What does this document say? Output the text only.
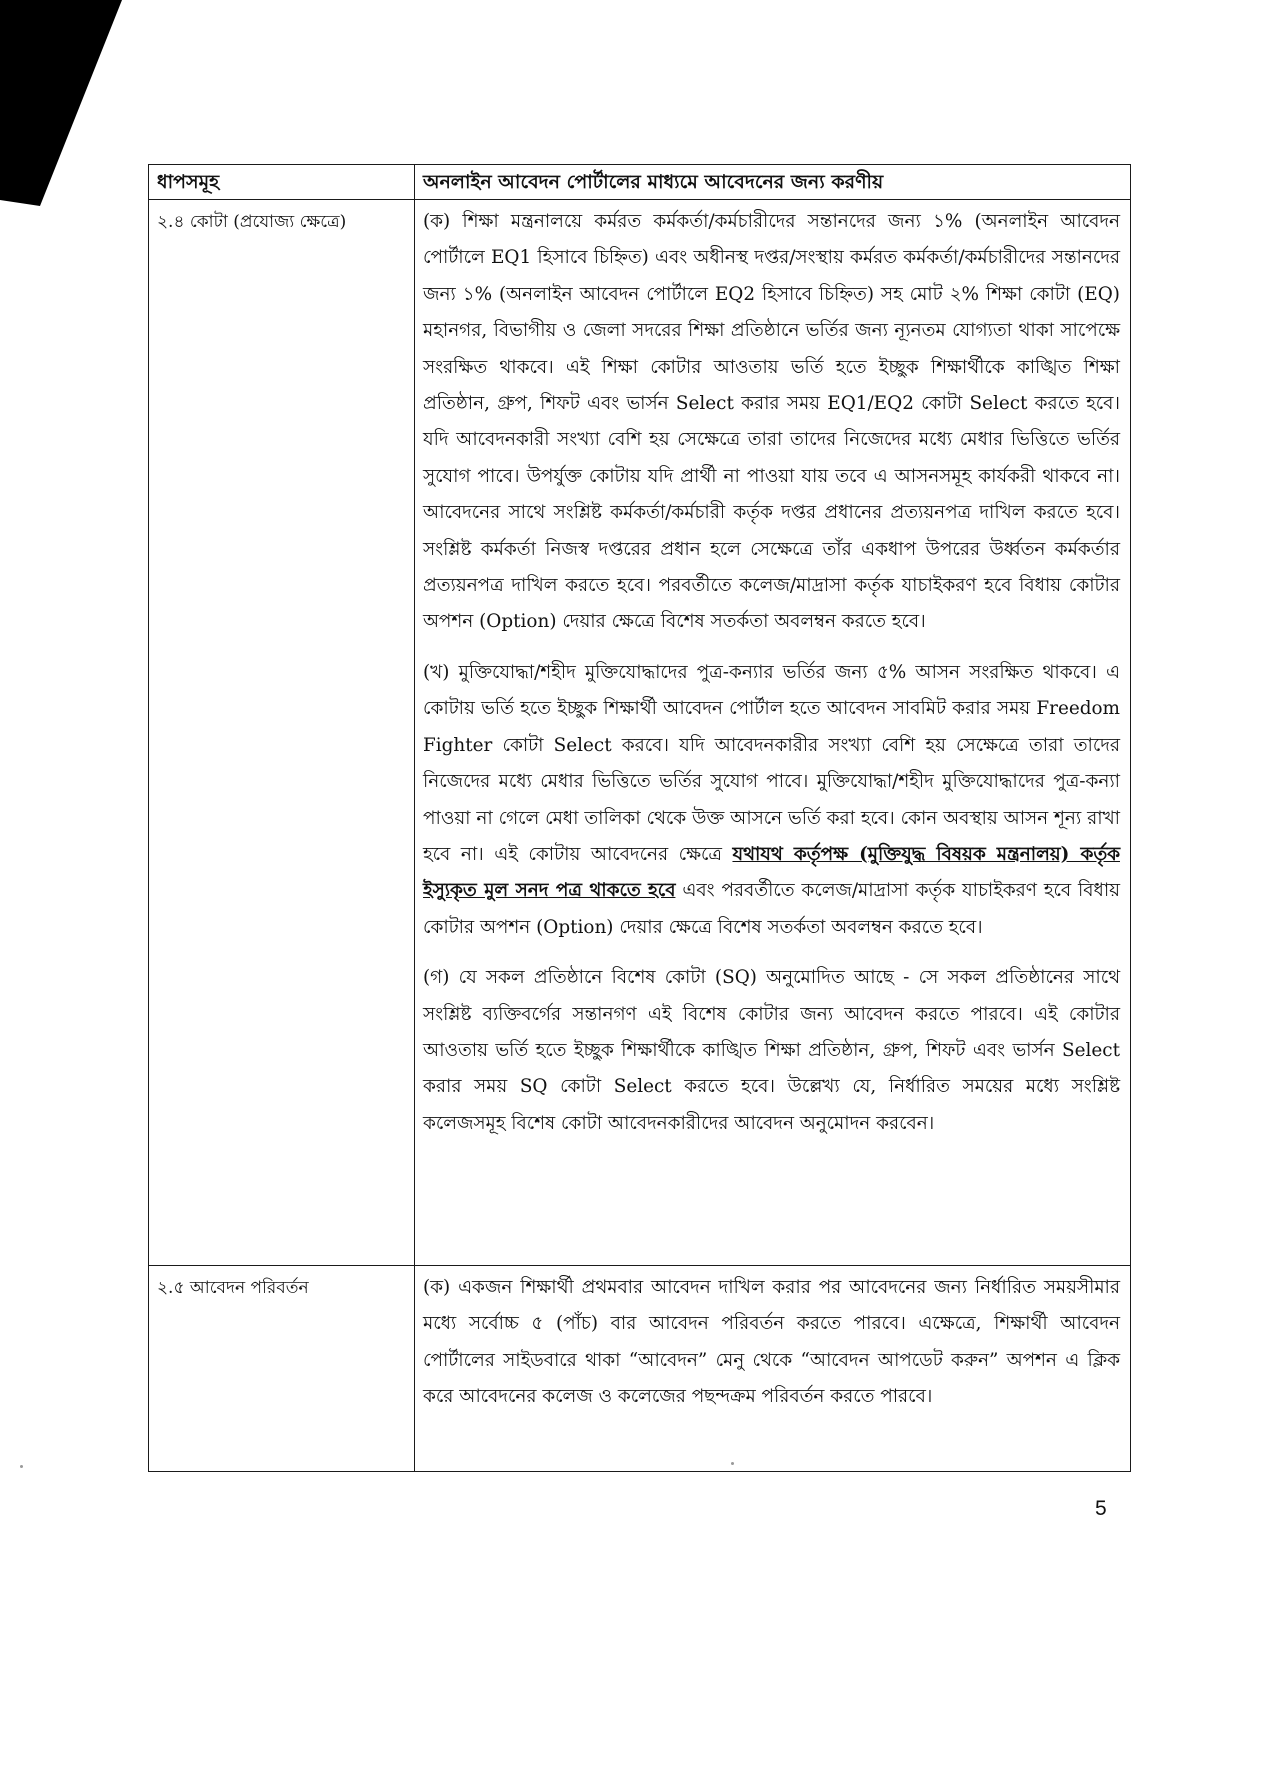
ধাপসমূহ	অনলাইন আবেদন পোর্টালের মাধ্যমে আবেদনের জন্য করণীয়
২.৪ কোটা (প্রযোজ্য ক্ষেত্রে)	(ক) শিক্ষা মন্ত্রনালয়ে কর্মরত কর্মকর্তা/কর্মচারীদের সন্তানদের জন্য ১% (অনলাইন আবেদন পোর্টালে EQ1 হিসাবে চিহ্নিত) এবং অধীনস্থ দপ্তর/সংস্থায় কর্মরত কর্মকর্তা/কর্মচারীদের সন্তানদের জন্য ১% (অনলাইন আবেদন পোর্টালে EQ2 হিসাবে চিহ্নিত) সহ মোট ২% শিক্ষা কোটা (EQ) মহানগর, বিভাগীয় ও জেলা সদরের শিক্ষা প্রতিষ্ঠানে ভর্তির জন্য ন্যূনতম যোগ্যতা থাকা সাপেক্ষে সংরক্ষিত থাকবে। এই শিক্ষা কোটার আওতায় ভর্তি হতে ইচ্ছুক শিক্ষার্থীকে কাঙ্খিত শিক্ষা প্রতিষ্ঠান, গ্রুপ, শিফট এবং ভার্সন Select করার সময় EQ1/EQ2 কোটা Select করতে হবে। যদি আবেদনকারী সংখ্যা বেশি হয় সেক্ষেত্রে তারা তাদের নিজেদের মধ্যে মেধার ভিত্তিতে ভর্তির সুযোগ পাবে। উপর্যুক্ত কোটায় যদি প্রার্থী না পাওয়া যায় তবে এ আসনসমূহ কার্যকরী থাকবে না। আবেদনের সাথে সংশ্লিষ্ট কর্মকর্তা/কর্মচারী কর্তৃক দপ্তর প্রধানের প্রত্যয়নপত্র দাখিল করতে হবে। সংশ্লিষ্ট কর্মকর্তা নিজস্ব দপ্তরের প্রধান হলে সেক্ষেত্রে তাঁর একধাপ উপরের উর্ধ্বতন কর্মকর্তার প্রত্যয়নপত্র দাখিল করতে হবে। পরবর্তীতে কলেজ/মাদ্রাসা কর্তৃক যাচাইকরণ হবে বিধায় কোটার অপশন (Option) দেয়ার ক্ষেত্রে বিশেষ সতর্কতা অবলম্বন করতে হবে।

(খ) মুক্তিযোদ্ধা/শহীদ মুক্তিযোদ্ধাদের পুত্র-কন্যার ভর্তির জন্য ৫% আসন সংরক্ষিত থাকবে। এ কোটায় ভর্তি হতে ইচ্ছুক শিক্ষার্থী আবেদন পোর্টাল হতে আবেদন সাবমিট করার সময় Freedom Fighter কোটা Select করবে। যদি আবেদনকারীর সংখ্যা বেশি হয় সেক্ষেত্রে তারা তাদের নিজেদের মধ্যে মেধার ভিত্তিতে ভর্তির সুযোগ পাবে। মুক্তিযোদ্ধা/শহীদ মুক্তিযোদ্ধাদের পুত্র-কন্যা পাওয়া না গেলে মেধা তালিকা থেকে উক্ত আসনে ভর্তি করা হবে। কোন অবস্থায় আসন শূন্য রাখা হবে না। এই কোটায় আবেদনের ক্ষেত্রে যথাযথ কর্তৃপক্ষ (মুক্তিযুদ্ধ বিষয়ক মন্ত্রনালয়) কর্তৃক ইস্যুকৃত মুল সনদ পত্র থাকতে হবে এবং পরবর্তীতে কলেজ/মাদ্রাসা কর্তৃক যাচাইকরণ হবে বিধায় কোটার অপশন (Option) দেয়ার ক্ষেত্রে বিশেষ সতর্কতা অবলম্বন করতে হবে।

(গ) যে সকল প্রতিষ্ঠানে বিশেষ কোটা (SQ) অনুমোদিত আছে - সে সকল প্রতিষ্ঠানের সাথে সংশ্লিষ্ট ব্যক্তিবর্গের সন্তানগণ এই বিশেষ কোটার জন্য আবেদন করতে পারবে। এই কোটার আওতায় ভর্তি হতে ইচ্ছুক শিক্ষার্থীকে কাঙ্খিত শিক্ষা প্রতিষ্ঠান, গ্রুপ, শিফট এবং ভার্সন Select করার সময় SQ কোটা Select করতে হবে। উল্লেখ্য যে, নির্ধারিত সময়ের মধ্যে সংশ্লিষ্ট কলেজসমূহ বিশেষ কোটা আবেদনকারীদের আবেদন অনুমোদন করবেন।

২.৫ আবেদন পরিবর্তন	(ক) একজন শিক্ষার্থী প্রথমবার আবেদন দাখিল করার পর আবেদনের জন্য নির্ধারিত সময়সীমার মধ্যে সর্বোচ্চ ৫ (পাঁচ) বার আবেদন পরিবর্তন করতে পারবে। এক্ষেত্রে, শিক্ষার্থী আবেদন পোর্টালের সাইডবারে থাকা “আবেদন” মেনু থেকে “আবেদন আপডেট করুন” অপশন এ ক্লিক করে আবেদনের কলেজ ও কলেজের পছন্দক্রম পরিবর্তন করতে পারবে।

5
